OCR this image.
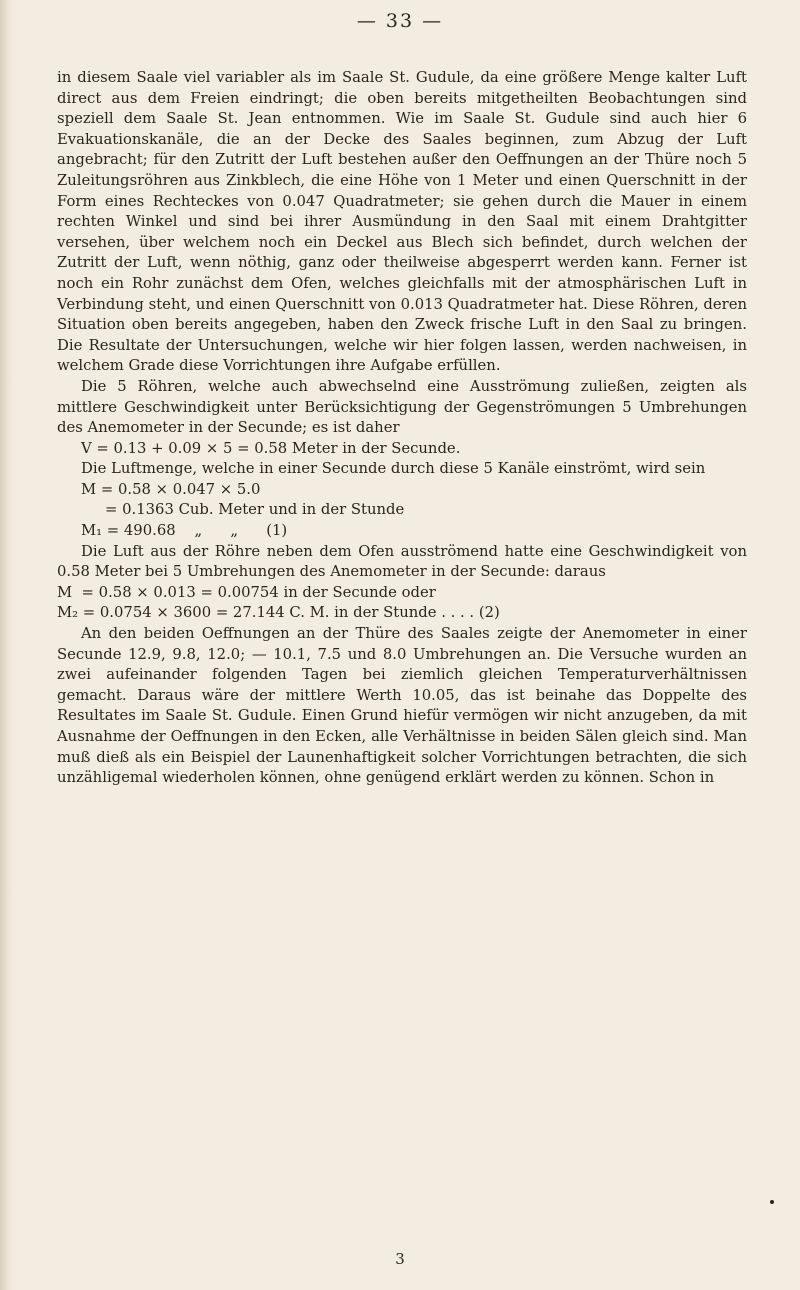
— 33 —

in diesem Saale viel variabler als im Saale St. Gudule, da eine größere Menge kalter Luft direct aus dem Freien eindringt; die oben bereits mitgetheilten Beobachtungen sind speziell dem Saale St. Jean entnommen. Wie im Saale St. Gudule sind auch hier 6 Evakuationskanäle, die an der Decke des Saales beginnen, zum Abzug der Luft angebracht; für den Zutritt der Luft bestehen außer den Oeffnungen an der Thüre noch 5 Zuleitungsröhren aus Zinkblech, die eine Höhe von 1 Meter und einen Querschnitt in der Form eines Rechteckes von 0.047 Quadratmeter; sie gehen durch die Mauer in einem rechten Winkel und sind bei ihrer Ausmündung in den Saal mit einem Drahtgitter versehen, über welchem noch ein Deckel aus Blech sich befindet, durch welchen der Zutritt der Luft, wenn nöthig, ganz oder theilweise abgesperrt werden kann. Ferner ist noch ein Rohr zunächst dem Ofen, welches gleichfalls mit der atmosphärischen Luft in Verbindung steht, und einen Querschnitt von 0.013 Quadratmeter hat. Diese Röhren, deren Situation oben bereits angegeben, haben den Zweck frische Luft in den Saal zu bringen. Die Resultate der Untersuchungen, welche wir hier folgen lassen, werden nachweisen, in welchem Grade diese Vorrichtungen ihre Aufgabe erfüllen.

Die 5 Röhren, welche auch abwechselnd eine Ausströmung zuließen, zeigten als mittlere Geschwindigkeit unter Berücksichtigung der Gegenströmungen 5 Umbrehungen des Anemometer in der Secunde; es ist daher

V = 0.13 + 0.09 × 5 = 0.58 Meter in der Secunde.

Die Luftmenge, welche in einer Secunde durch diese 5 Kanäle einströmt, wird sein

M = 0.58 × 0.047 × 5.0

= 0.1363 Cub. Meter und in der Stunde

M₁ = 490.68    „      „      (1)

Die Luft aus der Röhre neben dem Ofen ausströmend hatte eine Geschwindigkeit von 0.58 Meter bei 5 Umbrehungen des Anemometer in der Secunde: daraus

M  = 0.58 × 0.013 = 0.00754 in der Secunde oder

M₂ = 0.0754 × 3600 = 27.144 C. M. in der Stunde . . . . (2)

An den beiden Oeffnungen an der Thüre des Saales zeigte der Anemometer in einer Secunde 12.9, 9.8, 12.0; — 10.1, 7.5 und 8.0 Umbrehungen an. Die Versuche wurden an zwei aufeinander folgenden Tagen bei ziemlich gleichen Temperaturverhältnissen gemacht. Daraus wäre der mittlere Werth 10.05, das ist beinahe das Doppelte des Resultates im Saale St. Gudule. Einen Grund hiefür vermögen wir nicht anzugeben, da mit Ausnahme der Oeffnungen in den Ecken, alle Verhältnisse in beiden Sälen gleich sind. Man muß dieß als ein Beispiel der Launenhaftigkeit solcher Vorrichtungen betrachten, die sich unzähligemal wiederholen können, ohne genügend erklärt werden zu können. Schon in

3
